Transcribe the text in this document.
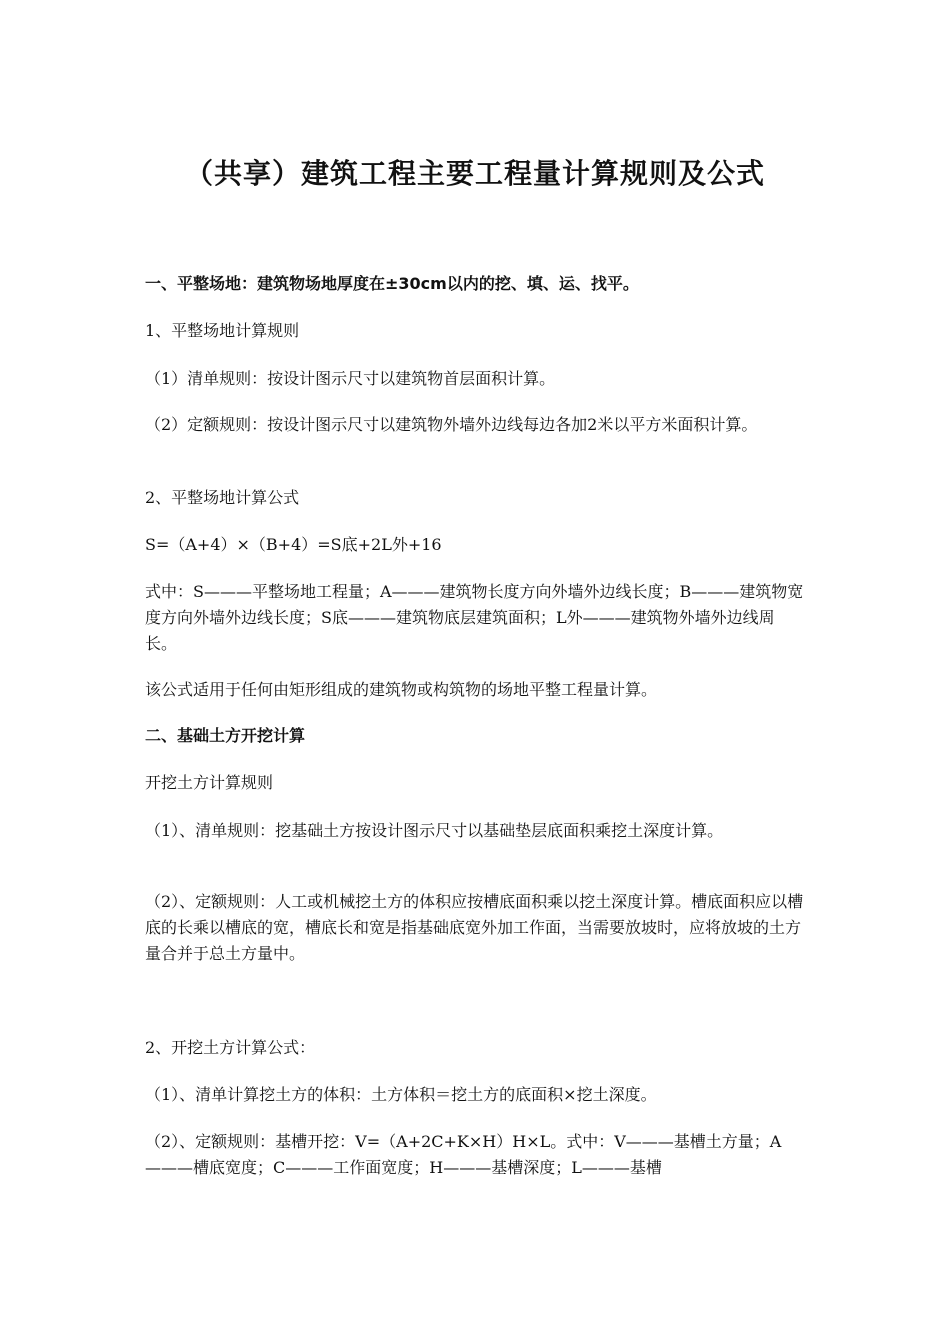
（共享）建筑工程主要工程量计算规则及公式

一、平整场地：建筑物场地厚度在±30cm以内的挖、填、运、找平。

1、平整场地计算规则

（1）清单规则：按设计图示尺寸以建筑物首层面积计算。

（2）定额规则：按设计图示尺寸以建筑物外墙外边线每边各加2米以平方米面积计算。

2、平整场地计算公式

S=（A+4）×（B+4）=S底+2L外+16

式中：S———平整场地工程量；A———建筑物长度方向外墙外边线长度；B———建筑物宽度方向外墙外边线长度；S底———建筑物底层建筑面积；L外———建筑物外墙外边线周长。

该公式适用于任何由矩形组成的建筑物或构筑物的场地平整工程量计算。

二、基础土方开挖计算

开挖土方计算规则

（1）、清单规则：挖基础土方按设计图示尺寸以基础垫层底面积乘挖土深度计算。

（2）、定额规则：人工或机械挖土方的体积应按槽底面积乘以挖土深度计算。槽底面积应以槽底的长乘以槽底的宽，槽底长和宽是指基础底宽外加工作面，当需要放坡时，应将放坡的土方量合并于总土方量中。

2、开挖土方计算公式：

（1）、清单计算挖土方的体积：土方体积＝挖土方的底面积×挖土深度。

（2）、定额规则：基槽开挖：V=（A+2C+K×H）H×L。式中：V———基槽土方量；A———槽底宽度；C———工作面宽度；H———基槽深度；L———基槽
